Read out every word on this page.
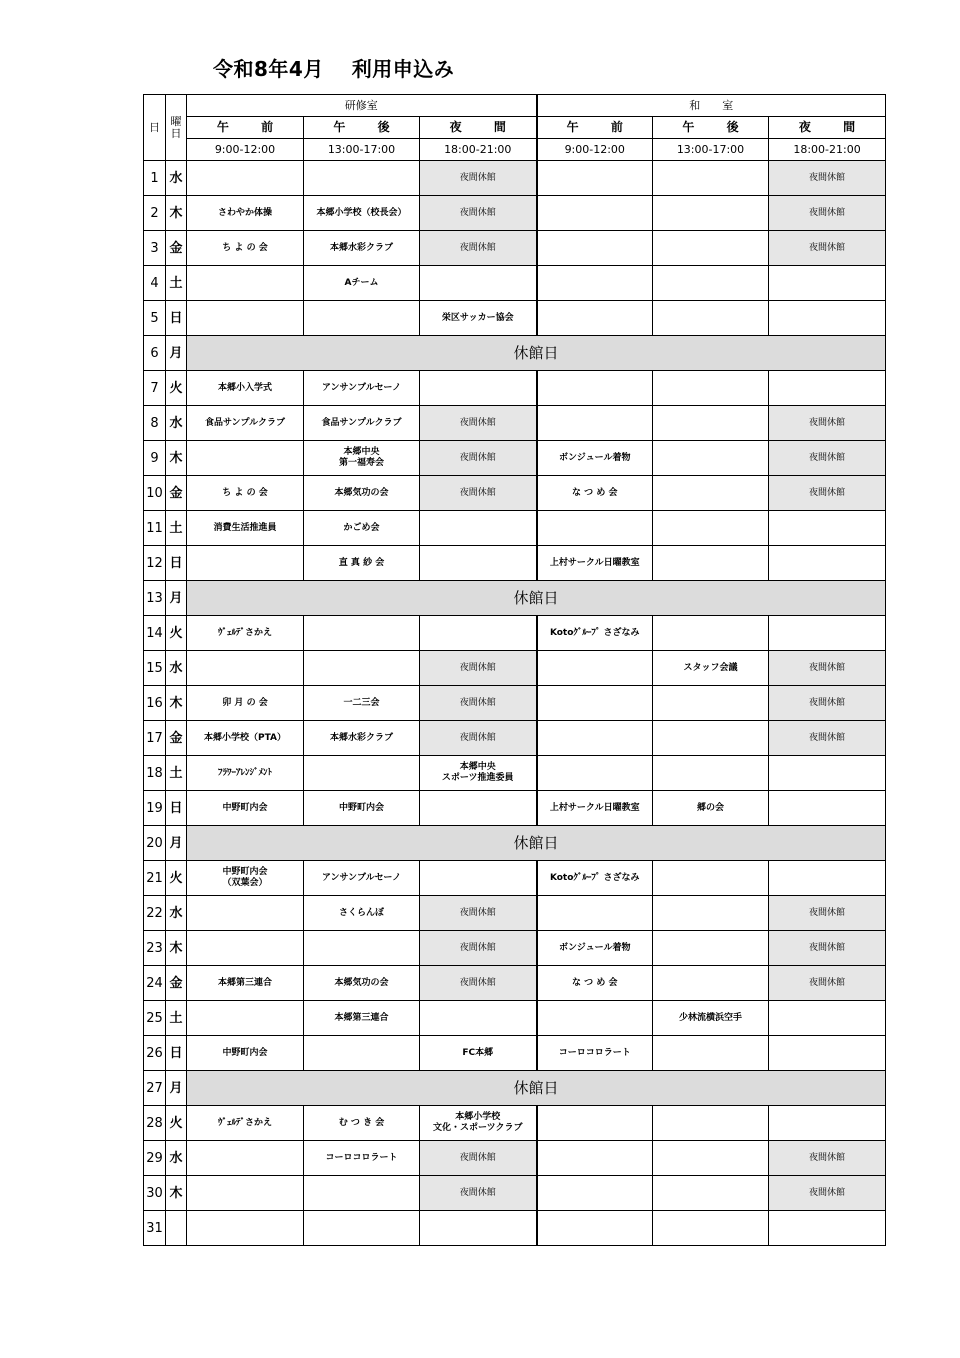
令和8年4月　 利用申込み
日	曜
日	研修室			和　　室		
		午 前	午 後	夜 間	午 前	午 後	夜 間
		9:00-12:00	13:00-17:00	18:00-21:00	9:00-12:00	13:00-17:00	18:00-21:00
1	水			夜間休館			夜間休館
2	木	さわやか体操	本郷小学校（校長会）	夜間休館			夜間休館
3	金	ち よ の 会	本郷水彩クラブ	夜間休館			夜間休館
4	土		Aチーム				
5	日			栄区サッカー協会			
6	月	休館日					
7	火	本郷小入学式	アンサンブルセーノ				
8	水	食品サンプルクラブ	食品サンプルクラブ	夜間休館			夜間休館
9	木		本郷中央
第一福寿会	夜間休館	ボンジュール着物		夜間休館
10	金	ち よ の 会	本郷気功の会	夜間休館	な つ め 会		夜間休館
11	土	消費生活推進員	かごめ会				
12	日		直 真 紗 会		上村サークル日曜教室		
13	月	休館日					
14	火	ｳﾞｪﾙﾃﾞさかえ			Kotoｸﾞﾙｰﾌﾟ さざなみ		
15	水			夜間休館		スタッフ会議	夜間休館
16	木	卯 月 の 会	一二三会	夜間休館			夜間休館
17	金	本郷小学校（PTA）	本郷水彩クラブ	夜間休館			夜間休館
18	土	ﾌﾗﾜｰｱﾚﾝｼﾞﾒﾝﾄ		本郷中央
スポーツ推進委員			
19	日	中野町内会	中野町内会		上村サークル日曜教室	郷の会	
20	月	休館日					
21	火	中野町内会
（双葉会）	アンサンブルセーノ		Kotoｸﾞﾙｰﾌﾟ さざなみ		
22	水		さくらんぼ	夜間休館			夜間休館
23	木			夜間休館	ボンジュール着物		夜間休館
24	金	本郷第三連合	本郷気功の会	夜間休館	な つ め 会		夜間休館
25	土		本郷第三連合			少林流横浜空手	
26	日	中野町内会		FC本郷	コーロコロラート		
27	月	休館日					
28	火	ｳﾞｪﾙﾃﾞさかえ	む つ き 会	本郷小学校
文化・スポーツクラブ			
29	水		コーロコロラート	夜間休館			夜間休館
30	木			夜間休館			夜間休館
31							
